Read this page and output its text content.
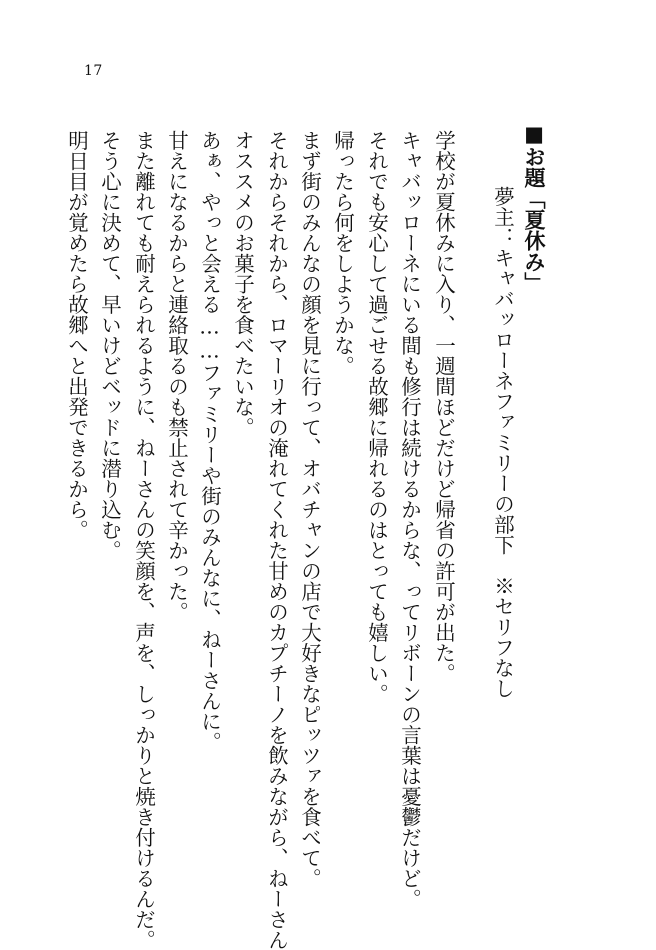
17

■お題「夏休み」

夢主：キャバッローネファミリーの部下　※セリフなし

学校が夏休みに入り、一週間ほどだけど帰省の許可が出た。

キャバッローネにいる間も修行は続けるからな、ってリボーンの言葉は憂鬱だけど。

それでも安心して過ごせる故郷に帰れるのはとっても嬉しい。

帰ったら何をしようかな。

まず街のみんなの顔を見に行って、オバチャンの店で大好きなピッツァを食べて。

それからそれから、ロマーリオの淹れてくれた甘めのカプチーノを飲みながら、ねーさん

オススメのお菓子を食べたいな。

あぁ、やっと会える……ファミリーや街のみんなに、ねーさんに。

甘えになるからと連絡取るのも禁止されて辛かった。

また離れても耐えられるように、ねーさんの笑顔を、声を、しっかりと焼き付けるんだ。

そう心に決めて、早いけどベッドに潜り込む。

明日目が覚めたら故郷へと出発できるから。
